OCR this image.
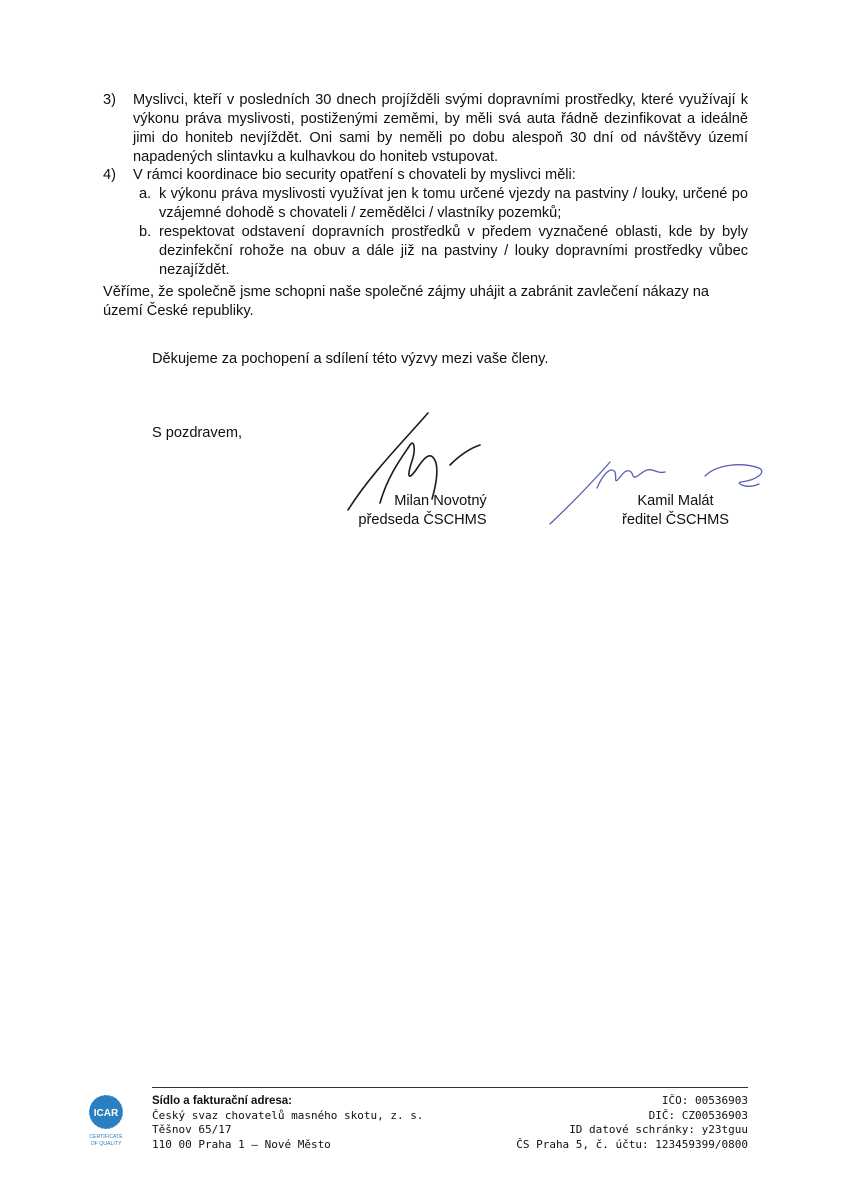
3) Myslivci, kteří v posledních 30 dnech projížděli svými dopravními prostředky, které využívají k výkonu práva myslivosti, postiženými zeměmi, by měli svá auta řádně dezinfikovat a ideálně jimi do honiteb nevjíždět. Oni sami by neměli po dobu alespoň 30 dní od návštěvy území napadených slintavku a kulhavkou do honiteb vstupovat.
4) V rámci koordinace bio security opatření s chovateli by myslivci měli:
a. k výkonu práva myslivosti využívat jen k tomu určené vjezdy na pastviny / louky, určené po vzájemné dohodě s chovateli / zemědělci / vlastníky pozemků;
b. respektovat odstavení dopravních prostředků v předem vyznačené oblasti, kde by byly dezinfekční rohože na obuv a dále již na pastviny / louky dopravními prostředky vůbec nezajíždět.
Věříme, že společně jsme schopni naše společné zájmy uhájit a zabránit zavlečení nákazy na území České republiky.
Děkujeme za pochopení a sdílení této výzvy mezi vaše členy.
S pozdravem,
Milan Novotný
předseda ČSCHMS
Kamil Malát
ředitel ČSCHMS
ICAR
CERTIFICATE
OF QUALITY
Sídlo a fakturační adresa:
Český svaz chovatelů masného skotu, z. s.
Těšnov 65/17
110 00 Praha 1 – Nové Město
IČO: 00536903
DIČ: CZ00536903
ID datové schránky: y23tguu
ČS Praha 5, č. účtu: 123459399/0800
